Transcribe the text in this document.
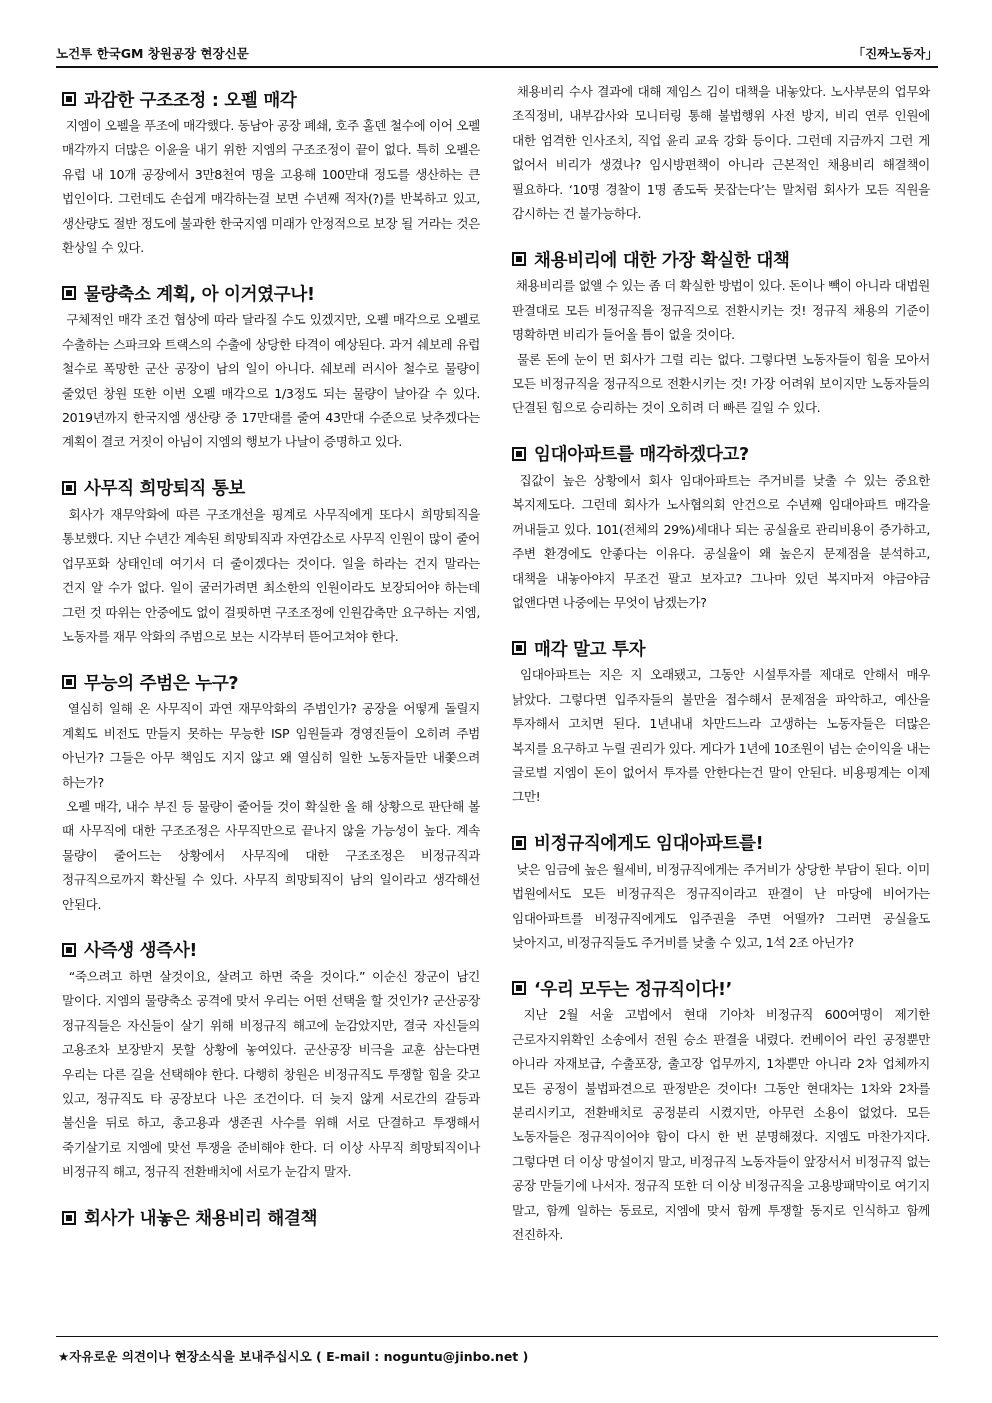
노건투 한국GM 창원공장 현장신문	「진짜노동자」
과감한 구조조정 : 오펠 매각

지엠이 오펠을 푸조에 매각했다. 동남아 공장 폐쇄, 호주 홀덴 철수에 이어 오펠 매각까지 더많은 이윤을 내기 위한 지엠의 구조조정이 끝이 없다. 특히 오펠은 유럽 내 10개 공장에서 3만8천여 명을 고용해 100만대 정도를 생산하는 큰 법인이다. 그런데도 손쉽게 매각하는걸 보면 수년째 적자(?)를 반복하고 있고, 생산량도 절반 정도에 불과한 한국지엠 미래가 안정적으로 보장 될 거라는 것은 환상일 수 있다.

물량축소 계획, 아 이거였구나!

구체적인 매각 조건 협상에 따라 달라질 수도 있겠지만, 오펠 매각으로 오펠로 수출하는 스파크와 트랙스의 수출에 상당한 타격이 예상된다. 과거 쉐보레 유럽 철수로 폭망한 군산 공장이 남의 일이 아니다. 쉐보레 러시아 철수로 물량이 줄었던 창원 또한 이번 오펠 매각으로 1/3정도 되는 물량이 날아갈 수 있다. 2019년까지 한국지엠 생산량 중 17만대를 줄여 43만대 수준으로 낮추겠다는 계획이 결코 거짓이 아님이 지엠의 행보가 나날이 증명하고 있다.

사무직 희망퇴직 통보

회사가 재무악화에 따른 구조개선을 핑계로 사무직에게 또다시 희망퇴직을 통보했다. 지난 수년간 계속된 희망퇴직과 자연감소로 사무직 인원이 많이 줄어 업무포화 상태인데 여기서 더 줄이겠다는 것이다. 일을 하라는 건지 말라는 건지 알 수가 없다. 일이 굴러가려면 최소한의 인원이라도 보장되어야 하는데 그런 것 따위는 안중에도 없이 걸핏하면 구조조정에 인원감축만 요구하는 지엠, 노동자를 재무 악화의 주범으로 보는 시각부터 뜯어고쳐야 한다.

무능의 주범은 누구?

열심히 일해 온 사무직이 과연 재무악화의 주범인가? 공장을 어떻게 돌릴지 계획도 비전도 만들지 못하는 무능한 ISP 임원들과 경영진들이 오히려 주범 아닌가? 그들은 아무 책임도 지지 않고 왜 열심히 일한 노동자들만 내쫓으려 하는가?

오펠 매각, 내수 부진 등 물량이 줄어들 것이 확실한 올 해 상황으로 판단해 볼 때 사무직에 대한 구조조정은 사무직만으로 끝나지 않을 가능성이 높다. 계속 물량이 줄어드는 상황에서 사무직에 대한 구조조정은 비정규직과 정규직으로까지 확산될 수 있다. 사무직 희망퇴직이 남의 일이라고 생각해선 안된다.

사즉생 생즉사!

“죽으려고 하면 살것이요, 살려고 하면 죽을 것이다.” 이순신 장군이 남긴 말이다. 지엠의 물량축소 공격에 맞서 우리는 어떤 선택을 할 것인가? 군산공장 정규직들은 자신들이 살기 위해 비정규직 해고에 눈감았지만, 결국 자신들의 고용조차 보장받지 못할 상황에 놓여있다. 군산공장 비극을 교훈 삼는다면 우리는 다른 길을 선택해야 한다. 다행히 창원은 비정규직도 투쟁할 힘을 갖고 있고, 정규직도 타 공장보다 나은 조건이다. 더 늦지 않게 서로간의 갈등과 불신을 뒤로 하고, 총고용과 생존권 사수를 위해 서로 단결하고 투쟁해서 죽기살기로 지엠에 맞선 투쟁을 준비해야 한다. 더 이상 사무직 희망퇴직이나 비정규직 해고, 정규직 전환배치에 서로가 눈감지 말자.

회사가 내놓은 채용비리 해결책

채용비리 수사 결과에 대해 제임스 김이 대책을 내놓았다. 노사부문의 업무와 조직정비, 내부감사와 모니터링 통해 불법행위 사전 방지, 비리 연루 인원에 대한 엄격한 인사조치, 직업 윤리 교육 강화 등이다. 그런데 지금까지 그런 게 없어서 비리가 생겼나? 임시방편책이 아니라 근본적인 채용비리 해결책이 필요하다. ‘10명 경찰이 1명 좀도둑 못잡는다’는 말처럼 회사가 모든 직원을 감시하는 건 불가능하다.

채용비리에 대한 가장 확실한 대책

채용비리를 없앨 수 있는 좀 더 확실한 방법이 있다. 돈이나 빽이 아니라 대법원 판결대로 모든 비정규직을 정규직으로 전환시키는 것! 정규직 채용의 기준이 명확하면 비리가 들어올 틈이 없을 것이다.

물론 돈에 눈이 먼 회사가 그럴 리는 없다. 그렇다면 노동자들이 힘을 모아서 모든 비정규직을 정규직으로 전환시키는 것! 가장 어려워 보이지만 노동자들의 단결된 힘으로 승리하는 것이 오히려 더 빠른 길일 수 있다.

임대아파트를 매각하겠다고?

집값이 높은 상황에서 회사 임대아파트는 주거비를 낮출 수 있는 중요한 복지제도다. 그런데 회사가 노사협의회 안건으로 수년째 임대아파트 매각을 꺼내들고 있다. 101(전체의 29%)세대나 되는 공실율로 관리비용이 증가하고, 주변 환경에도 안좋다는 이유다. 공실율이 왜 높은지 문제점을 분석하고, 대책을 내놓아야지 무조건 팔고 보자고? 그나마 있던 복지마저 야금야금 없앤다면 나중에는 무엇이 남겠는가?

매각 말고 투자

임대아파트는 지은 지 오래됐고, 그동안 시설투자를 제대로 안해서 매우 낡았다. 그렇다면 입주자들의 불만을 접수해서 문제점을 파악하고, 예산을 투자해서 고치면 된다. 1년내내 차만드느라 고생하는 노동자들은 더많은 복지를 요구하고 누릴 권리가 있다. 게다가 1년에 10조원이 넘는 순이익을 내는 글로벌 지엠이 돈이 없어서 투자를 안한다는건 말이 안된다. 비용핑계는 이제 그만!

비정규직에게도 임대아파트를!

낮은 임금에 높은 월세비, 비정규직에게는 주거비가 상당한 부담이 된다. 이미 법원에서도 모든 비정규직은 정규직이라고 판결이 난 마당에 비어가는 임대아파트를 비정규직에게도 입주권을 주면 어떨까? 그러면 공실율도 낮아지고, 비정규직들도 주거비를 낮출 수 있고, 1석 2조 아닌가?

‘우리 모두는 정규직이다!’

지난 2월 서울 고법에서 현대 기아차 비정규직 600여명이 제기한 근로자지위확인 소송에서 전원 승소 판결을 내렸다. 컨베이어 라인 공정뿐만 아니라 자재보급, 수출포장, 출고장 업무까지, 1차뿐만 아니라 2차 업체까지 모든 공정이 불법파견으로 판정받은 것이다! 그동안 현대차는 1차와 2차를 분리시키고, 전환배치로 공정분리 시켰지만, 아무런 소용이 없었다. 모든 노동자들은 정규직이어야 함이 다시 한 번 분명해졌다. 지엠도 마찬가지다. 그렇다면 더 이상 망설이지 말고, 비정규직 노동자들이 앞장서서 비정규직 없는 공장 만들기에 나서자. 정규직 또한 더 이상 비정규직을 고용방패막이로 여기지 말고, 함께 일하는 동료로, 지엠에 맞서 함께 투쟁할 동지로 인식하고 함께 전진하자.

★자유로운 의견이나 현장소식을 보내주십시오 ( E-mail : noguntu@jinbo.net )
